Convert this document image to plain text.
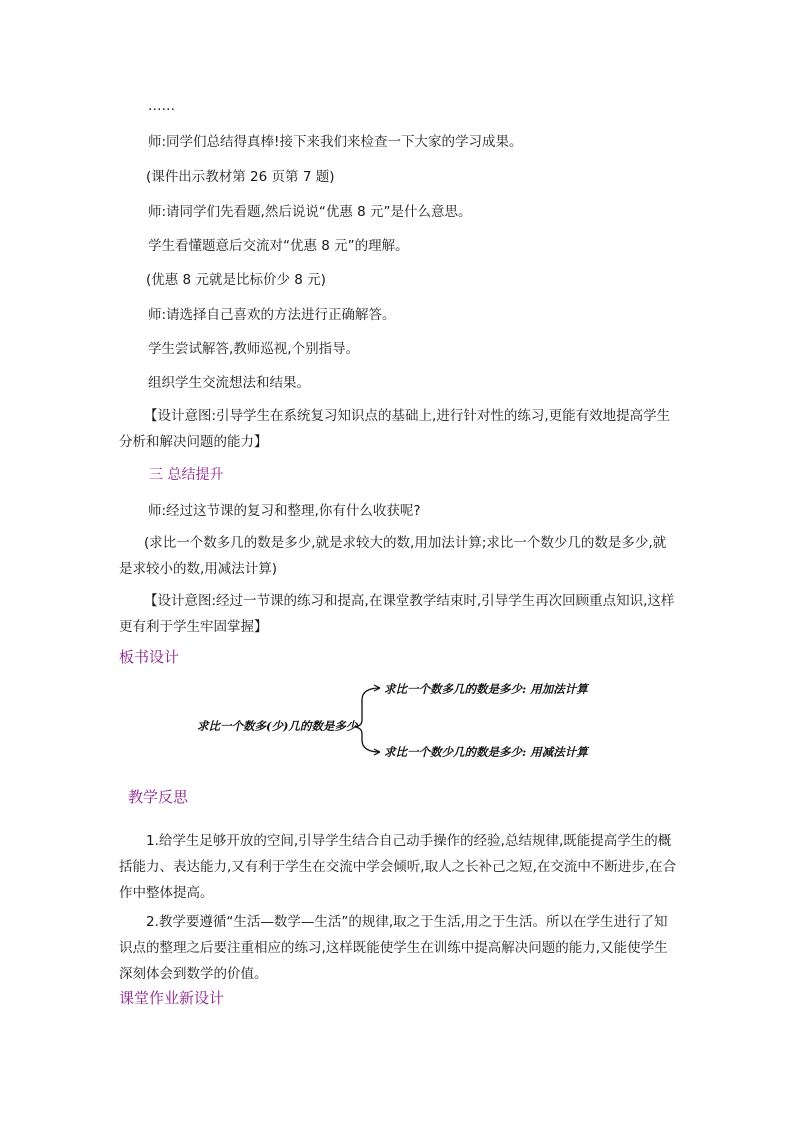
……
师:同学们总结得真棒!接下来我们来检查一下大家的学习成果。
(课件出示教材第 26 页第 7 题)
师:请同学们先看题,然后说说“优惠 8 元”是什么意思。
学生看懂题意后交流对“优惠 8 元”的理解。
(优惠 8 元就是比标价少 8 元)
师:请选择自己喜欢的方法进行正确解答。
学生尝试解答,教师巡视,个别指导。
组织学生交流想法和结果。
【设计意图:引导学生在系统复习知识点的基础上,进行针对性的练习,更能有效地提高学生分析和解决问题的能力】
三 总结提升
师:经过这节课的复习和整理,你有什么收获呢?
(求比一个数多几的数是多少,就是求较大的数,用加法计算;求比一个数少几的数是多少,就是求较小的数,用减法计算)
【设计意图:经过一节课的练习和提高,在课堂教学结束时,引导学生再次回顾重点知识,这样更有利于学生牢固掌握】
板书设计
求比一个数多(少)几的数是多少
求比一个数多几的数是多少: 用加法计算
求比一个数少几的数是多少: 用减法计算
教学反思
1.给学生足够开放的空间,引导学生结合自己动手操作的经验,总结规律,既能提高学生的概括能力、表达能力,又有利于学生在交流中学会倾听,取人之长补己之短,在交流中不断进步,在合作中整体提高。
2.教学要遵循“生活—数学—生活”的规律,取之于生活,用之于生活。所以在学生进行了知识点的整理之后要注重相应的练习,这样既能使学生在训练中提高解决问题的能力,又能使学生深刻体会到数学的价值。
课堂作业新设计
